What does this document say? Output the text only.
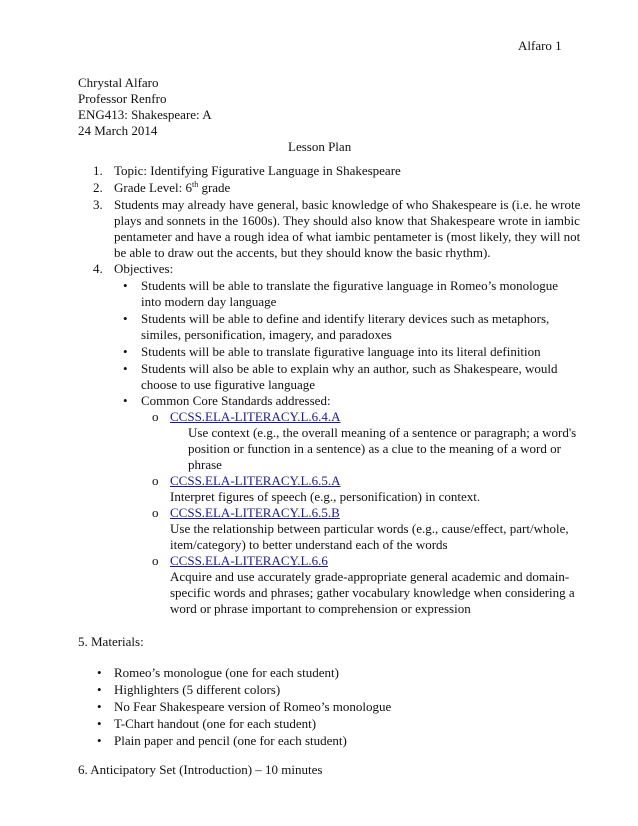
Alfaro 1
Chrystal Alfaro
Professor Renfro
ENG413: Shakespeare: A
24 March 2014
Lesson Plan
1. Topic: Identifying Figurative Language in Shakespeare
2. Grade Level: 6th grade
3. Students may already have general, basic knowledge of who Shakespeare is (i.e. he wrote
plays and sonnets in the 1600s). They should also know that Shakespeare wrote in iambic
pentameter and have a rough idea of what iambic pentameter is (most likely, they will not
be able to draw out the accents, but they should know the basic rhythm).
4. Objectives:
• Students will be able to translate the figurative language in Romeo’s monologue
into modern day language
• Students will be able to define and identify literary devices such as metaphors,
similes, personification, imagery, and paradoxes
• Students will be able to translate figurative language into its literal definition
• Students will also be able to explain why an author, such as Shakespeare, would
choose to use figurative language
• Common Core Standards addressed:
o CCSS.ELA-LITERACY.L.6.4.A
Use context (e.g., the overall meaning of a sentence or paragraph; a word's
position or function in a sentence) as a clue to the meaning of a word or
phrase
o CCSS.ELA-LITERACY.L.6.5.A
Interpret figures of speech (e.g., personification) in context.
o CCSS.ELA-LITERACY.L.6.5.B
Use the relationship between particular words (e.g., cause/effect, part/whole,
item/category) to better understand each of the words
o CCSS.ELA-LITERACY.L.6.6
Acquire and use accurately grade-appropriate general academic and domain-
specific words and phrases; gather vocabulary knowledge when considering a
word or phrase important to comprehension or expression
5. Materials:
• Romeo’s monologue (one for each student)
• Highlighters (5 different colors)
• No Fear Shakespeare version of Romeo’s monologue
• T-Chart handout (one for each student)
• Plain paper and pencil (one for each student)
6. Anticipatory Set (Introduction) – 10 minutes
